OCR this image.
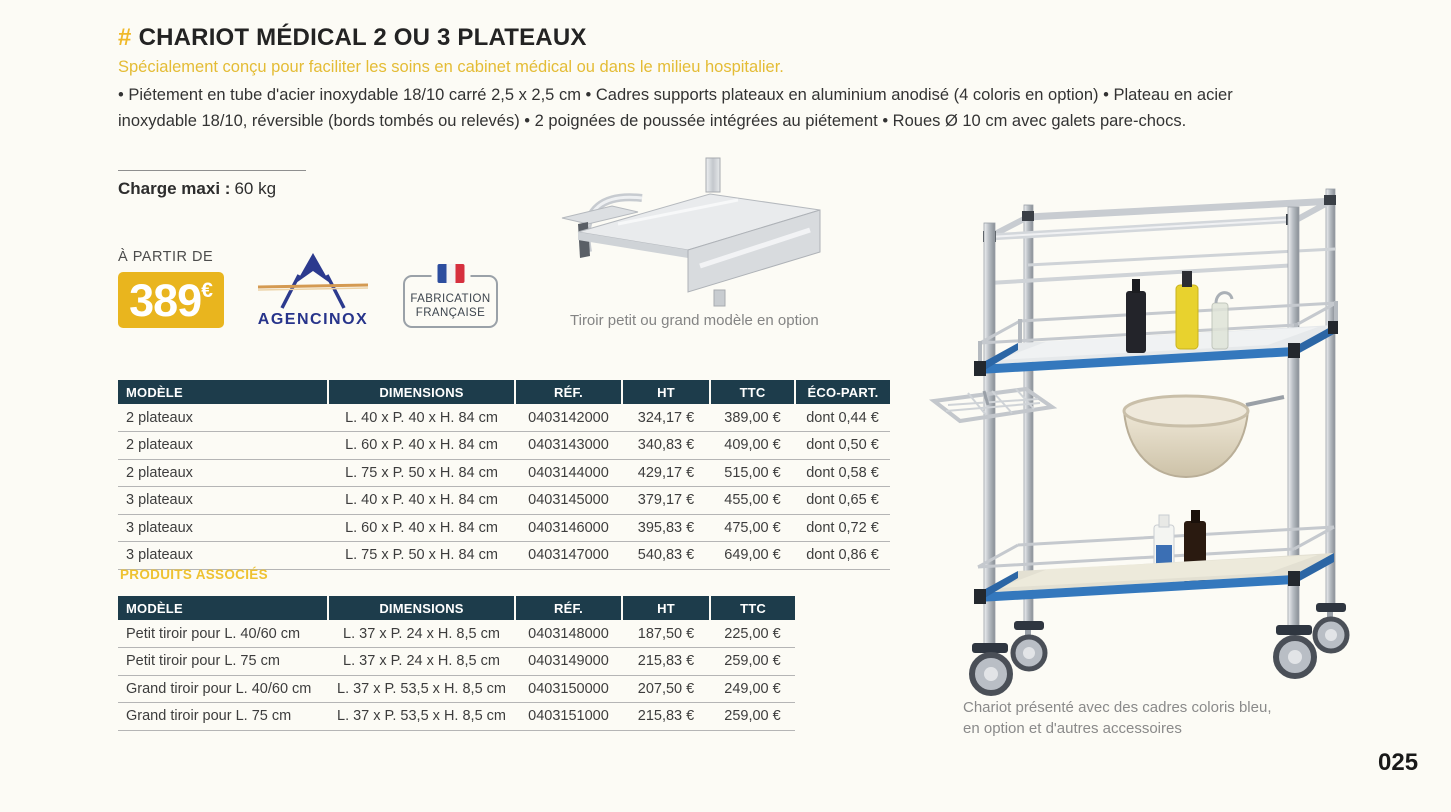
# CHARIOT MÉDICAL 2 OU 3 PLATEAUX
Spécialement conçu pour faciliter les soins en cabinet médical ou dans le milieu hospitalier.

• Piétement en tube d'acier inoxydable 18/10 carré 2,5 x 2,5 cm • Cadres supports plateaux en aluminium anodisé (4 coloris en option) • Plateau en acier inoxydable 18/10, réversible (bords tombés ou relevés) • 2 poignées de poussée intégrées au piétement • Roues Ø 10 cm avec galets pare-chocs.

Charge maxi : 60 kg
À PARTIR DE
389 €
AGENCINOX
FABRICATION
FRANÇAISE	Tiroir petit ou grand modèle en option
MODÈLE	DIMENSIONS	RÉF.	HT	TTC	ÉCO-PART.
2 plateaux	L. 40 x P. 40 x H. 84 cm	0403142000	324,17 €	389,00 €	dont 0,44 €
2 plateaux	L. 60 x P. 40 x H. 84 cm	0403143000	340,83 €	409,00 €	dont 0,50 €
2 plateaux	L. 75 x P. 50 x H. 84 cm	0403144000	429,17 €	515,00 €	dont 0,58 €
3 plateaux	L. 40 x P. 40 x H. 84 cm	0403145000	379,17 €	455,00 €	dont 0,65 €
3 plateaux	L. 60 x P. 40 x H. 84 cm	0403146000	395,83 €	475,00 €	dont 0,72 €
3 plateaux	L. 75 x P. 50 x H. 84 cm	0403147000	540,83 €	649,00 €	dont 0,86 €
PRODUITS ASSOCIÉS
MODÈLE	DIMENSIONS	RÉF.	HT	TTC
Petit tiroir pour L. 40/60 cm	L. 37 x P. 24 x H. 8,5 cm	0403148000	187,50 €	225,00 €
Petit tiroir pour L. 75 cm	L. 37 x P. 24 x H. 8,5 cm	0403149000	215,83 €	259,00 €
Grand tiroir pour L. 40/60 cm	L. 37 x P. 53,5 x H. 8,5 cm	0403150000	207,50 €	249,00 €
Grand tiroir pour L. 75 cm	L. 37 x P. 53,5 x H. 8,5 cm	0403151000	215,83 €	259,00 €
Chariot présenté avec des cadres coloris bleu,
en option et d'autres accessoires
025
